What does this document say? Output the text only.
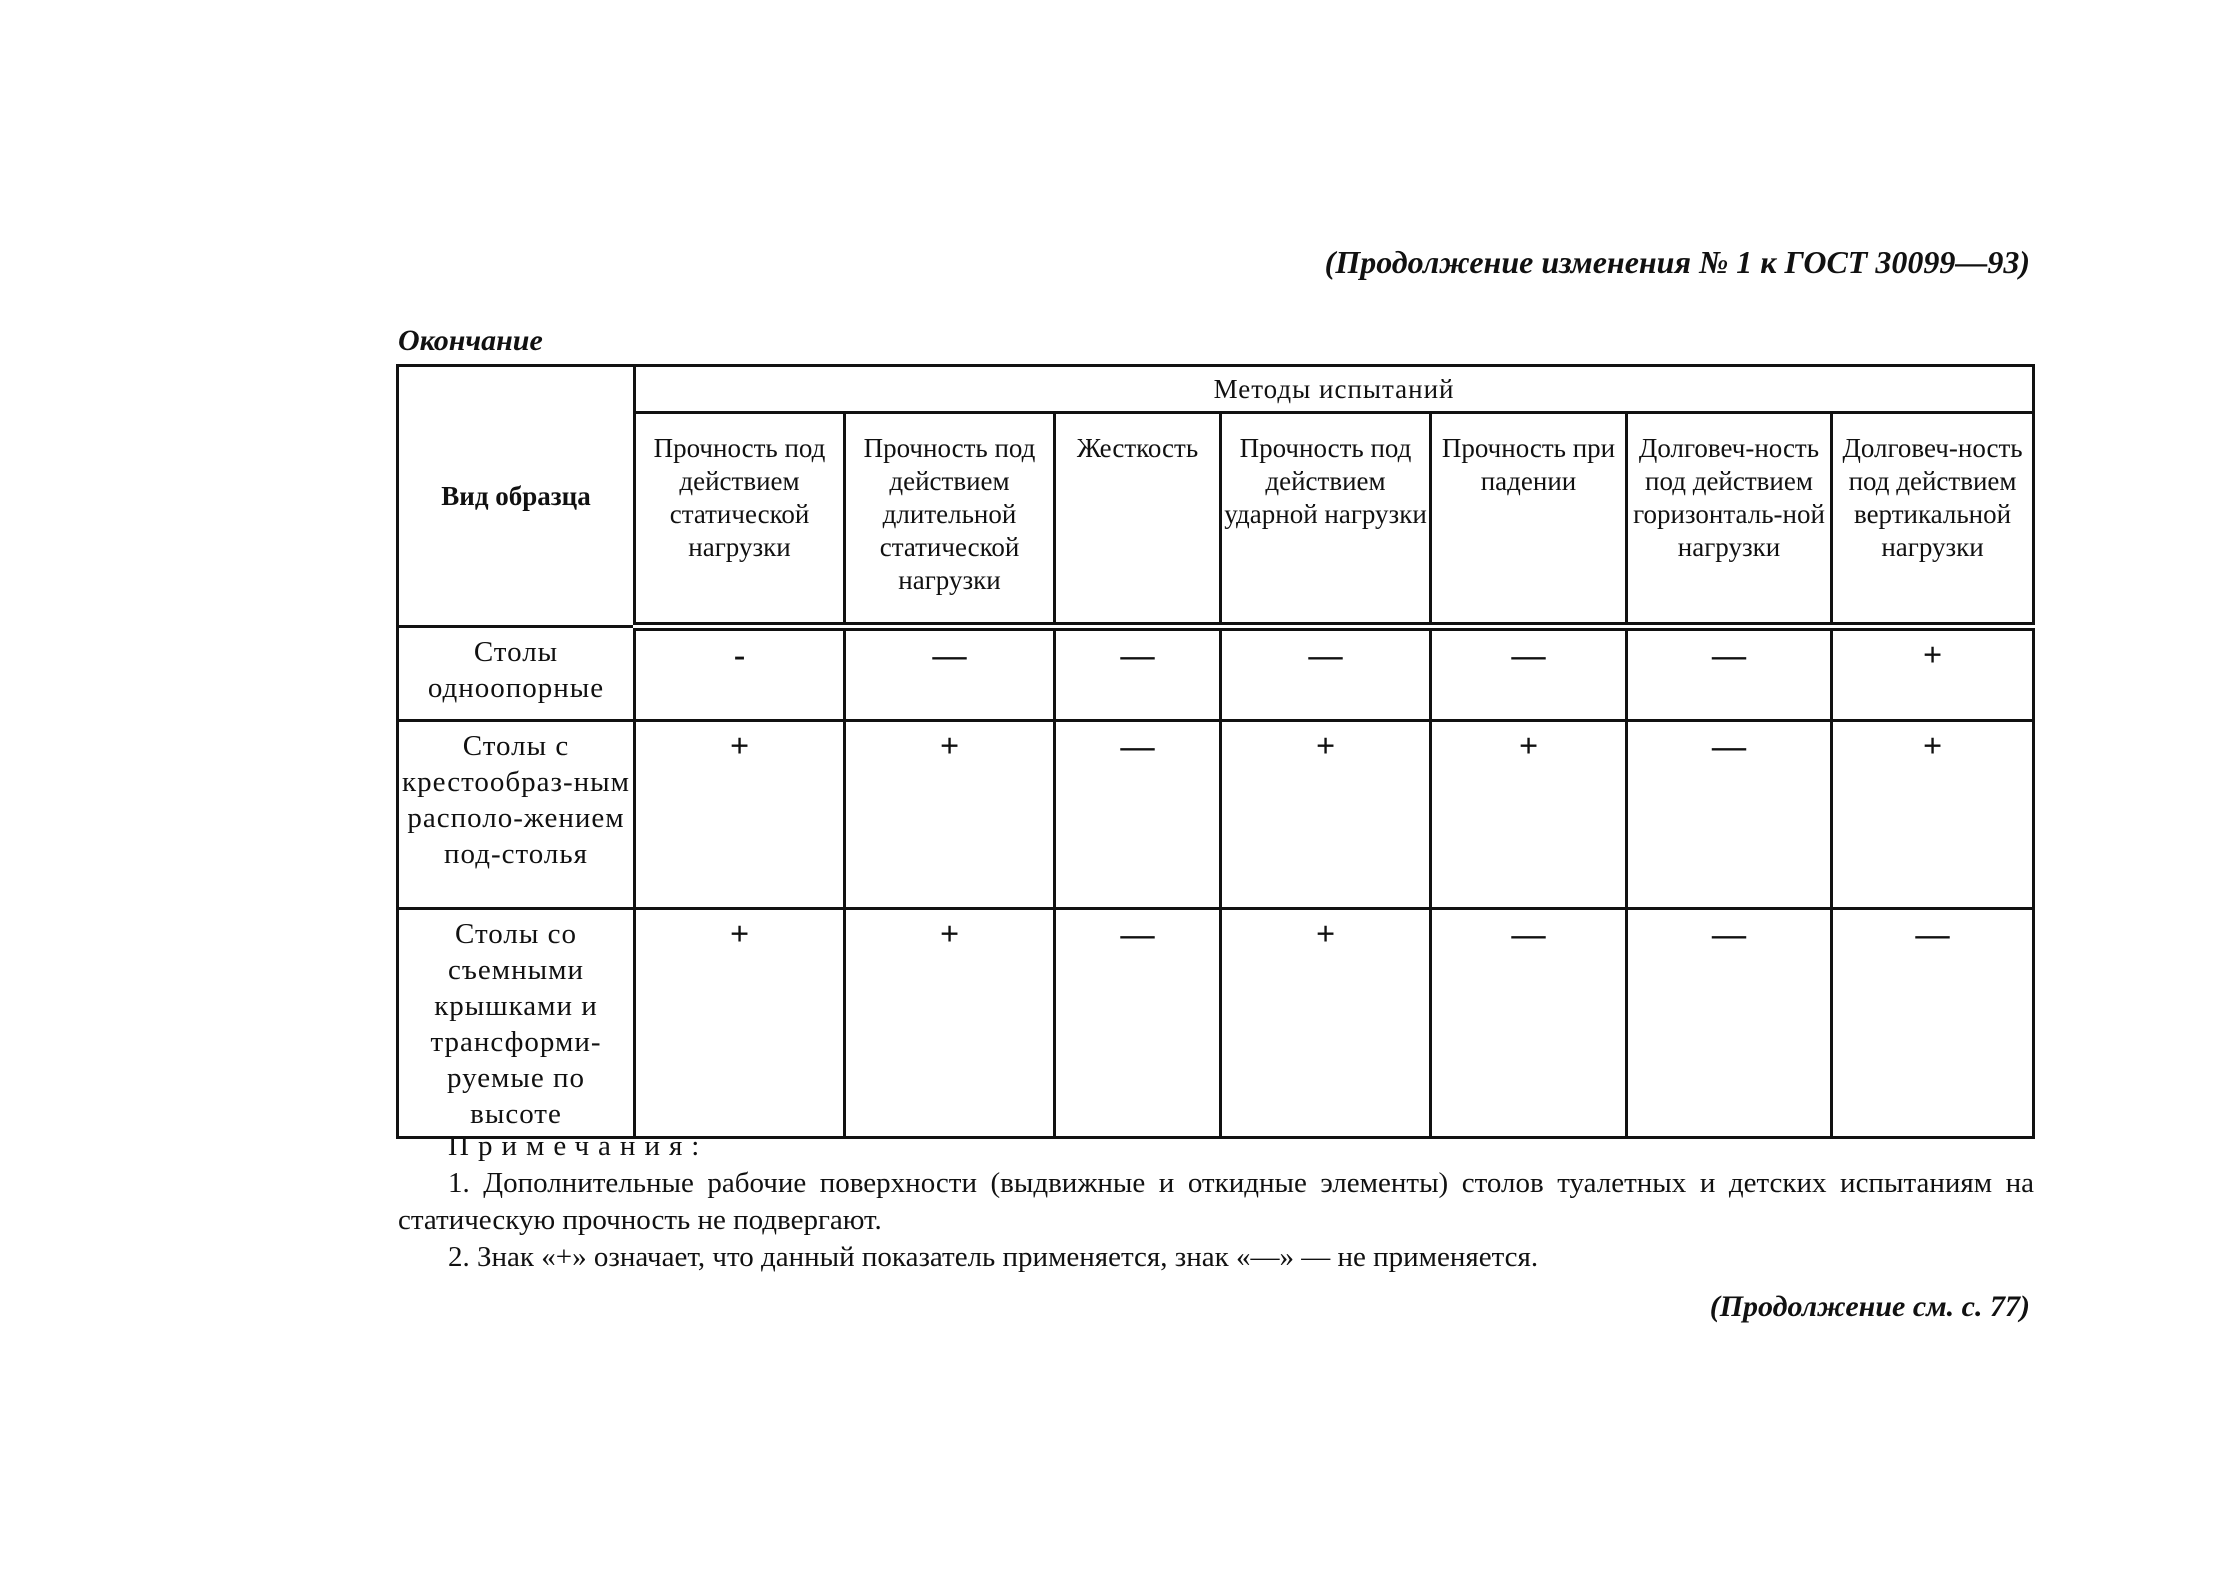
(Продолжение изменения № 1 к ГОСТ 30099—93)
Окончание
Вид образца	Методы испытаний						
	Прочность под действием статической нагрузки	Прочность под действием длительной статической нагрузки	Жесткость	Прочность под действием ударной нагрузки	Прочность при падении	Долговеч-ность под действием горизонталь-ной нагрузки	Долговеч-ность под действием вертикальной нагрузки
Столы одноопорные	-	—	—	—	—	—	+
Столы с крестообраз-ным располо-жением под-столья	+	+	—	+	+	—	+
Столы со съемными крышками и трансформи-руемые по высоте	+	+	—	+	—	—	—
Примечания:
1. Дополнительные рабочие поверхности (выдвижные и откидные элементы) столов туалетных и детских испытаниям на статическую прочность не подвергают.
2. Знак «+» означает, что данный показатель применяется, знак «—» — не применяется.
(Продолжение см. с. 77)
